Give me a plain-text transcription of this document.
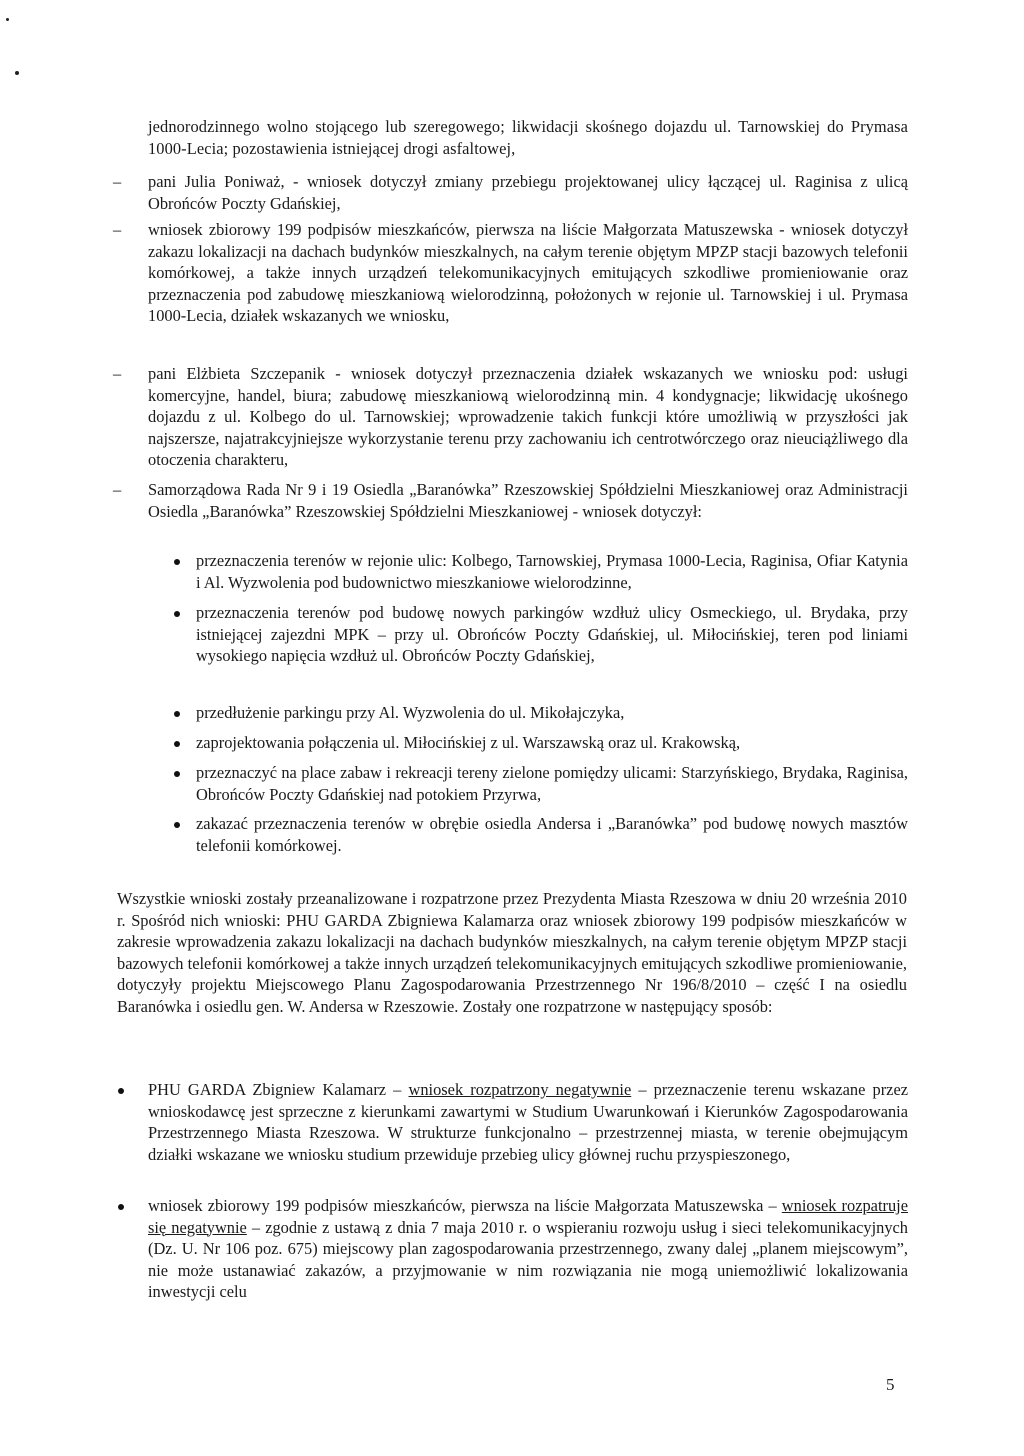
jednorodzinnego wolno stojącego lub szeregowego; likwidacji skośnego dojazdu ul. Tarnowskiej do Prymasa 1000-Lecia; pozostawienia istniejącej drogi asfaltowej,
–
pani Julia Poniważ, - wniosek dotyczył zmiany przebiegu projektowanej ulicy łączącej ul. Raginisa z ulicą Obrońców Poczty Gdańskiej,
–
wniosek zbiorowy 199 podpisów mieszkańców, pierwsza na liście Małgorzata Matuszewska - wniosek dotyczył zakazu lokalizacji na dachach budynków mieszkalnych, na całym terenie objętym MPZP stacji bazowych telefonii komórkowej, a także innych urządzeń telekomunikacyjnych emitujących szkodliwe promieniowanie oraz przeznaczenia pod zabudowę mieszkaniową wielorodzinną, położonych w rejonie ul. Tarnowskiej i ul. Prymasa 1000-Lecia, działek wskazanych we wniosku,
–
pani Elżbieta Szczepanik - wniosek dotyczył przeznaczenia działek wskazanych we wniosku pod: usługi komercyjne, handel, biura; zabudowę mieszkaniową wielorodzinną min. 4 kondygnacje; likwidację ukośnego dojazdu z ul. Kolbego do ul. Tarnowskiej; wprowadzenie takich funkcji które umożliwią w przyszłości jak najszersze, najatrakcyjniejsze wykorzystanie terenu przy zachowaniu ich centrotwórczego oraz nieuciążliwego dla otoczenia charakteru,
–
Samorządowa Rada Nr 9 i 19 Osiedla „Baranówka” Rzeszowskiej Spółdzielni Mieszkaniowej oraz Administracji Osiedla „Baranówka” Rzeszowskiej Spółdzielni Mieszkaniowej - wniosek dotyczył:
przeznaczenia terenów w rejonie ulic: Kolbego, Tarnowskiej, Prymasa 1000-Lecia, Raginisa, Ofiar Katynia i Al. Wyzwolenia pod budownictwo mieszkaniowe wielorodzinne,
przeznaczenia terenów pod budowę nowych parkingów wzdłuż ulicy Osmeckiego, ul. Brydaka, przy istniejącej zajezdni MPK – przy ul. Obrońców Poczty Gdańskiej, ul. Miłocińskiej, teren pod liniami wysokiego napięcia wzdłuż ul. Obrońców Poczty Gdańskiej,
przedłużenie parkingu przy Al. Wyzwolenia do ul. Mikołajczyka,
zaprojektowania połączenia ul. Miłocińskiej z ul. Warszawską oraz ul. Krakowską,
przeznaczyć na place zabaw i rekreacji tereny zielone pomiędzy ulicami: Starzyńskiego, Brydaka, Raginisa, Obrońców Poczty Gdańskiej nad potokiem Przyrwa,
zakazać przeznaczenia terenów w obrębie osiedla Andersa i „Baranówka” pod budowę nowych masztów telefonii komórkowej.
Wszystkie wnioski zostały przeanalizowane i rozpatrzone przez Prezydenta Miasta Rzeszowa w dniu 20 września 2010 r. Spośród nich wnioski: PHU GARDA Zbigniewa Kalamarza oraz wniosek zbiorowy 199 podpisów mieszkańców w zakresie wprowadzenia zakazu lokalizacji na dachach budynków mieszkalnych, na całym terenie objętym MPZP stacji bazowych telefonii komórkowej a także innych urządzeń telekomunikacyjnych emitujących szkodliwe promieniowanie, dotyczyły projektu Miejscowego Planu Zagospodarowania Przestrzennego Nr 196/8/2010 – część I na osiedlu Baranówka i osiedlu gen. W. Andersa w Rzeszowie. Zostały one rozpatrzone w następujący sposób:
PHU GARDA Zbigniew Kalamarz – wniosek rozpatrzony negatywnie – przeznaczenie terenu wskazane przez wnioskodawcę jest sprzeczne z kierunkami zawartymi w Studium Uwarunkowań i Kierunków Zagospodarowania Przestrzennego Miasta Rzeszowa. W strukturze funkcjonalno – przestrzennej miasta, w terenie obejmującym działki wskazane we wniosku studium przewiduje przebieg ulicy głównej ruchu przyspieszonego,
wniosek zbiorowy 199 podpisów mieszkańców, pierwsza na liście Małgorzata Matuszewska – wniosek rozpatruje się negatywnie – zgodnie z ustawą z dnia 7 maja 2010 r. o wspieraniu rozwoju usług i sieci telekomunikacyjnych (Dz. U. Nr 106 poz. 675) miejscowy plan zagospodarowania przestrzennego, zwany dalej „planem miejscowym”, nie może ustanawiać zakazów, a przyjmowanie w nim rozwiązania nie mogą uniemożliwić lokalizowania inwestycji celu
5
